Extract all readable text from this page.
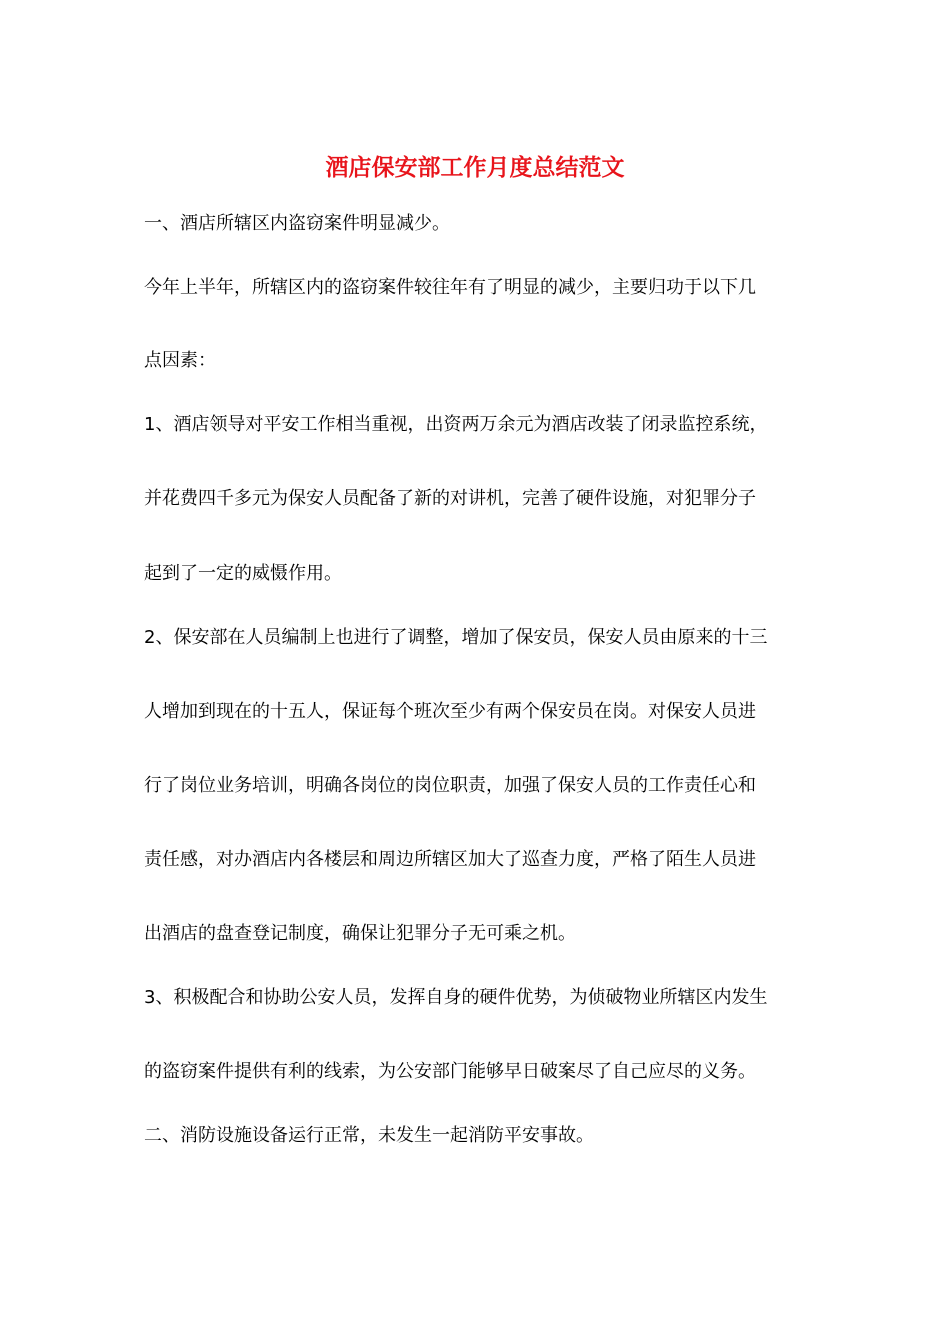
酒店保安部工作月度总结范文
一、酒店所辖区内盗窃案件明显减少。
今年上半年，所辖区内的盗窃案件较往年有了明显的减少，主要归功于以下几
点因素：
1、酒店领导对平安工作相当重视，出资两万余元为酒店改装了闭录监控系统，
并花费四千多元为保安人员配备了新的对讲机，完善了硬件设施，对犯罪分子
起到了一定的威慑作用。
2、保安部在人员编制上也进行了调整，增加了保安员，保安人员由原来的十三
人增加到现在的十五人，保证每个班次至少有两个保安员在岗。对保安人员进
行了岗位业务培训，明确各岗位的岗位职责，加强了保安人员的工作责任心和
责任感，对办酒店内各楼层和周边所辖区加大了巡查力度，严格了陌生人员进
出酒店的盘查登记制度，确保让犯罪分子无可乘之机。
3、积极配合和协助公安人员，发挥自身的硬件优势，为侦破物业所辖区内发生
的盗窃案件提供有利的线索，为公安部门能够早日破案尽了自己应尽的义务。
二、消防设施设备运行正常，未发生一起消防平安事故。
